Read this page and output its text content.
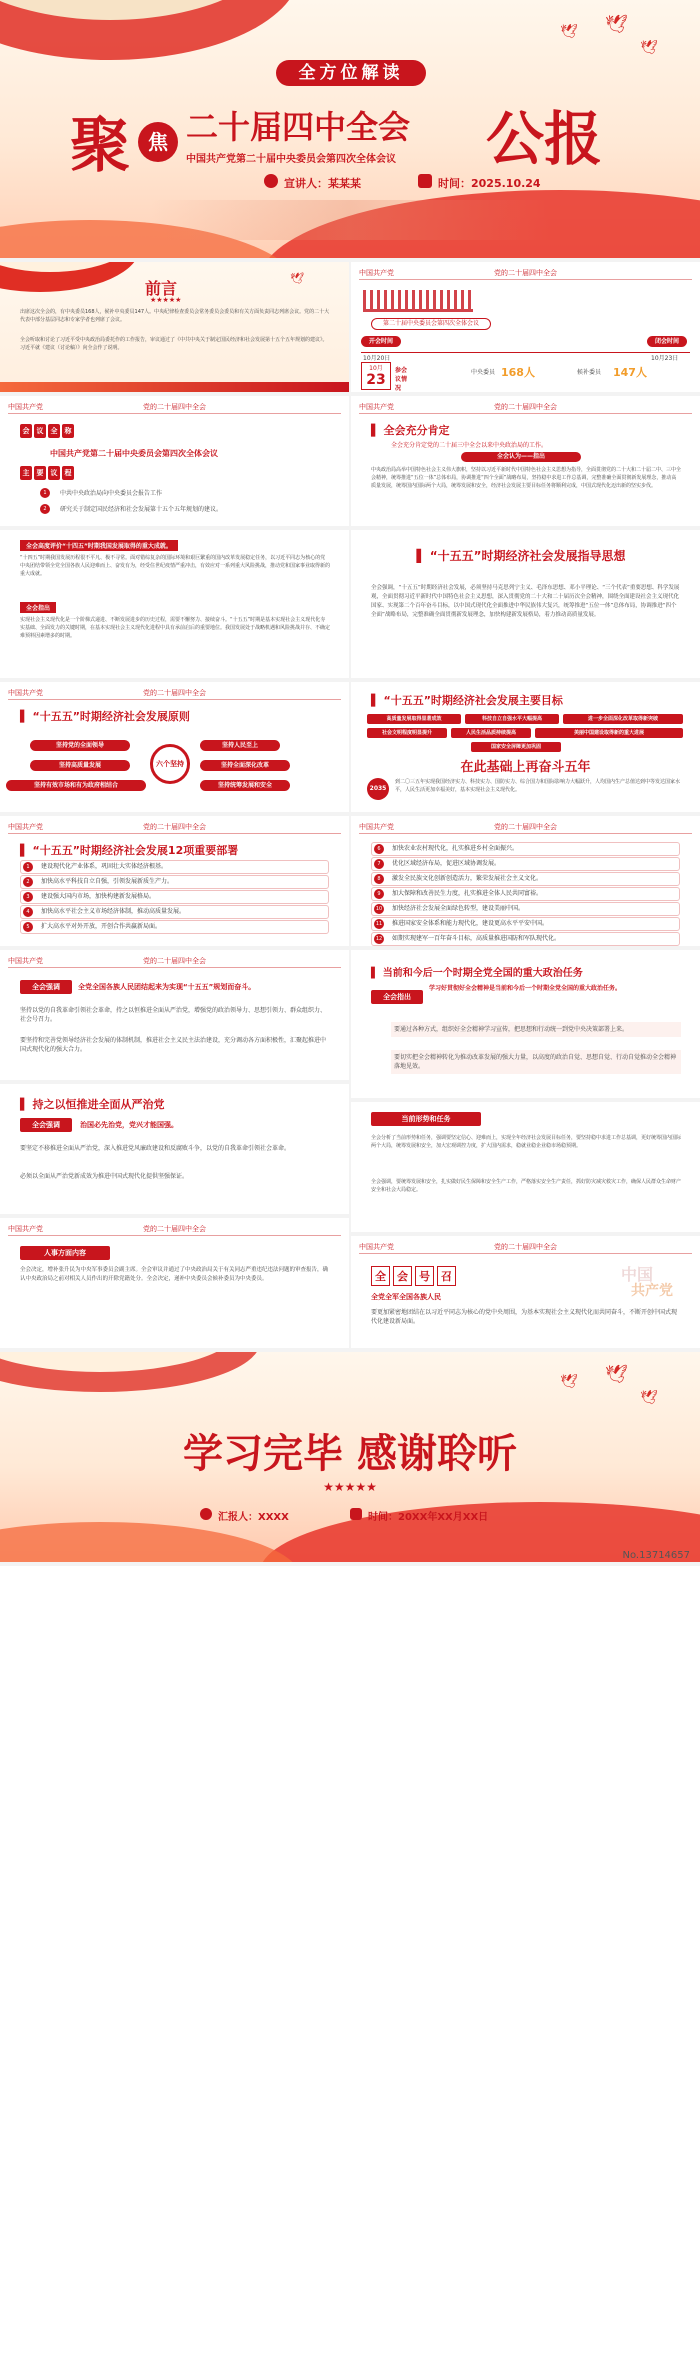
🕊 🕊
🕊
全方位解读
聚 焦 二十届四中全会 公报
中国共产党第二十届中央委员会第四次全体会议
宣讲人：某某某	时间：2025.10.24
🕊
前言
★★★★★
出席这次全会的，有中央委员168人，候补中央委员147人。中央纪律检查委员会常务委员会委员和有关方面负责同志列席会议。党的二十大代表中部分基层同志和专家学者也列席了会议。
全会听取和讨论了习近平受中央政治局委托作的工作报告，审议通过了《中共中央关于制定国民经济和社会发展第十五个五年规划的建议》。习近平就《建议（讨论稿）》向全会作了说明。
中国共产党	党的二十届四中全会
第二十届中央委员会第四次全体会议
开会时间	闭会时间
10月20日	10月23日
10月
23
参会议情况
中央委员 168人	候补委员 147人
中国共产党	党的二十届四中全会
会	议	全	称
中国共产党第二十届中央委员会第四次全体会议
主	要	议	程
1	中共中央政治局向中央委员会报告工作
2	研究关于制定国民经济和社会发展第十五个五年规划的建议。
中国共产党	党的二十届四中全会
▌ 全会充分肯定
全会充分肯定党的二十届三中全会以来中央政治局的工作。
全会认为——指出
中央政治局高举中国特色社会主义伟大旗帜，坚持以习近平新时代中国特色社会主义思想为指导，全面贯彻党的二十大和二十届二中、三中全会精神，统筹推进“五位一体”总体布局，协调推进“四个全面”战略布局，坚持稳中求进工作总基调，完整准确全面贯彻新发展理念，推动高质量发展，统筹国内国际两个大局，统筹发展和安全，经济社会发展主要目标任务将顺利完成，中国式现代化迈出新的坚实步伐。
全会高度评价“十四五”时期我国发展取得的重大成就。
“十四五”时期我国发展历程很不平凡、极不寻常。面对错综复杂的国际环境和艰巨繁重的国内改革发展稳定任务，以习近平同志为核心的党中央团结带领全党全国各族人民迎难而上、奋发有为，经受住世纪疫情严重冲击，有效应对一系列重大风险挑战，推动党和国家事业取得新的重大成就。
全会指出
实现社会主义现代化是一个阶梯式递进、不断发展进步的历史过程，需要不懈努力、接续奋斗。“十五五”时期是基本实现社会主义现代化夯实基础、全面发力的关键时期，在基本实现社会主义现代化进程中具有承前启后的重要地位。我国发展处于战略机遇和风险挑战并存、不确定难预料因素增多的时期。
▌ “十五五”时期经济社会发展指导思想
全会强调，“十五五”时期经济社会发展，必须坚持马克思列宁主义、毛泽东思想、邓小平理论、“三个代表”重要思想、科学发展观，全面贯彻习近平新时代中国特色社会主义思想，深入贯彻党的二十大和二十届历次全会精神，围绕全面建设社会主义现代化国家、实现第二个百年奋斗目标，以中国式现代化全面推进中华民族伟大复兴，统筹推进“五位一体”总体布局，协调推进“四个全面”战略布局，完整准确全面贯彻新发展理念，加快构建新发展格局，着力推动高质量发展。
中国共产党	党的二十届四中全会
▌ “十五五”时期经济社会发展原则
六个坚持
坚持党的全面领导	坚持人民至上
坚持高质量发展	坚持全面深化改革
坚持有效市场和有为政府相结合	坚持统筹发展和安全
▌ “十五五”时期经济社会发展主要目标
高质量发展取得显著成效	科技自立自强水平大幅提高	进一步全面深化改革取得新突破
社会文明程度明显提升	人民生活品质持续提高	美丽中国建设取得新的重大进展
国家安全屏障更加巩固
在此基础上再奋斗五年
2035
到二〇三五年实现我国经济实力、科技实力、国防实力、综合国力和国际影响力大幅跃升，人均国内生产总值达到中等发达国家水平，人民生活更加幸福美好，基本实现社会主义现代化。
中国共产党	党的二十届四中全会
▌ “十五五”时期经济社会发展12项重要部署
1	建设现代化产业体系，巩固壮大实体经济根基。
2	加快高水平科技自立自强，引领发展新质生产力。
3	建设强大国内市场，加快构建新发展格局。
4	加快高水平社会主义市场经济体制，推动高质量发展。
5	扩大高水平对外开放，开创合作共赢新局面。
中国共产党	党的二十届四中全会
6	加快农业农村现代化，扎实推进乡村全面振兴。
7	优化区域经济布局，促进区域协调发展。
8	激发全民族文化创新创造活力，繁荣发展社会主义文化。
9	加大保障和改善民生力度，扎实推进全体人民共同富裕。
10	加快经济社会发展全面绿色转型，建设美丽中国。
11	推进国家安全体系和能力现代化，建设更高水平平安中国。
12	如期实现建军一百年奋斗目标，高质量推进国防和军队现代化。
中国共产党	党的二十届四中全会
全会强调	全党全国各族人民团结起来为实现“十五五”规划而奋斗。
坚持以党的自我革命引领社会革命，持之以恒推进全面从严治党，增强党的政治领导力、思想引领力、群众组织力、社会号召力。
要坚持和完善党领导经济社会发展的体制机制，推进社会主义民主法治建设，充分调动各方面积极性，汇聚起推进中国式现代化的强大合力。
▌ 当前和今后一个时期全党全国的重大政治任务
全会指出
学习好贯彻好全会精神是当前和今后一个时期全党全国的重大政治任务。
要通过各种方式，组织好全会精神学习宣传，把思想和行动统一到党中央决策部署上来。
要切实把全会精神转化为推动改革发展的强大力量，以高度的政治自觉、思想自觉、行动自觉推动全会精神落地见效。
▌ 持之以恒推进全面从严治党
全会强调	治国必先治党，党兴才能国强。
要坚定不移推进全面从严治党，深入推进党风廉政建设和反腐败斗争，以党的自我革命引领社会革命。
必须以全面从严治党新成效为推进中国式现代化提供坚强保证。
当前形势和任务
全会分析了当前形势和任务，强调要坚定信心、迎难而上，实现全年经济社会发展目标任务，要坚持稳中求进工作总基调，更好统筹国内国际两个大局，统筹发展和安全，加大宏观调控力度，扩大国内需求，稳就业稳企业稳市场稳预期。
全会强调，要统筹发展和安全，扎实做好民生保障和安全生产工作，严格落实安全生产责任，抓好防灾减灾救灾工作，确保人民群众生命财产安全和社会大局稳定。
中国共产党	党的二十届四中全会
人事方面内容
全会决定，增补张升民为中央军事委员会副主席。全会审议并通过了中央政治局关于有关同志严重违纪违法问题的审查报告，确认中央政治局之前对相关人员作出的开除党籍处分。全会决定，递补中央委员会候补委员为中央委员。
中国共产党	党的二十届四中全会
中国
共产党
全	会	号	召
全党全军全国各族人民
要更加紧密地团结在以习近平同志为核心的党中央周围，为基本实现社会主义现代化而共同奋斗，不断开创中国式现代化建设新局面。
🕊 🕊
🕊
学习完毕 感谢聆听
★★★★★
汇报人：XXXX	时间：20XX年XX月XX日
No.13714657
